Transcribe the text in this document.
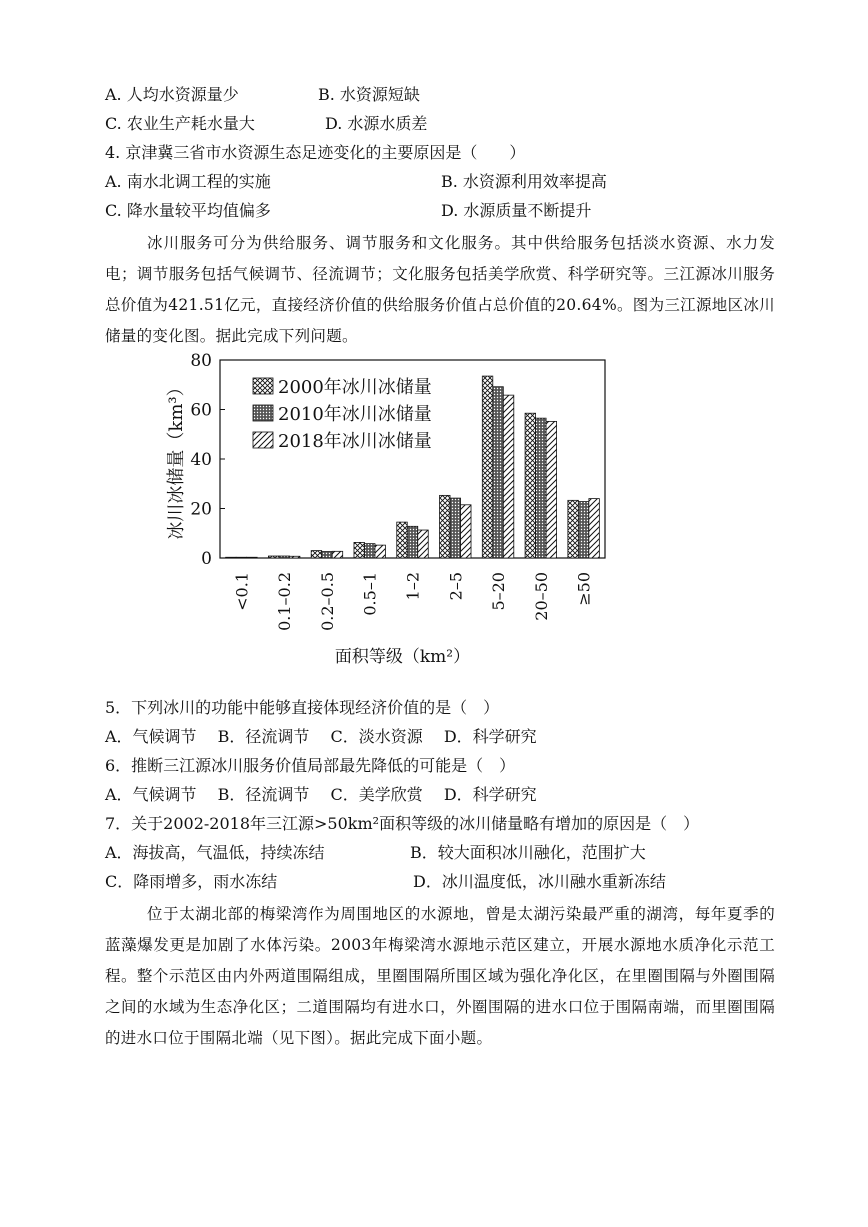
A. 人均水资源量少	B. 水资源短缺
C. 农业生产耗水量大	D. 水源水质差
4. 京津冀三省市水资源生态足迹变化的主要原因是（　　）
A. 南水北调工程的实施	B. 水资源利用效率提高
C. 降水量较平均值偏多	D. 水源质量不断提升
冰川服务可分为供给服务、调节服务和文化服务。其中供给服务包括淡水资源、水力发电；调节服务包括气候调节、径流调节；文化服务包括美学欣赏、科学研究等。三江源冰川服务总价值为421.51亿元，直接经济价值的供给服务价值占总价值的20.64%。图为三江源地区冰川储量的变化图。据此完成下列问题。
0
20
40
60
80
冰川冰储量（km³）
<0.1 0.1–0.2 0.2–0.5 0.5–1 1–2 2–5 5–20 20–50 ≥50
2000年冰川冰储量
2010年冰川冰储量
2018年冰川冰储量
面积等级（km²）
5．下列冰川的功能中能够直接体现经济价值的是（　）
A．气候调节　 B．径流调节　 C．淡水资源　 D．科学研究
6．推断三江源冰川服务价值局部最先降低的可能是（　）
A．气候调节　 B．径流调节　 C．美学欣赏　 D．科学研究
7．关于2002-2018年三江源>50km²面积等级的冰川储量略有增加的原因是（　）
A．海拔高，气温低，持续冻结	B．较大面积冰川融化，范围扩大
C．降雨增多，雨水冻结	D．冰川温度低，冰川融水重新冻结
位于太湖北部的梅梁湾作为周围地区的水源地，曾是太湖污染最严重的湖湾，每年夏季的蓝藻爆发更是加剧了水体污染。2003年梅梁湾水源地示范区建立，开展水源地水质净化示范工程。整个示范区由内外两道围隔组成，里圈围隔所围区域为强化净化区，在里圈围隔与外圈围隔之间的水域为生态净化区；二道围隔均有进水口，外圈围隔的进水口位于围隔南端，而里圈围隔的进水口位于围隔北端（见下图）。据此完成下面小题。
